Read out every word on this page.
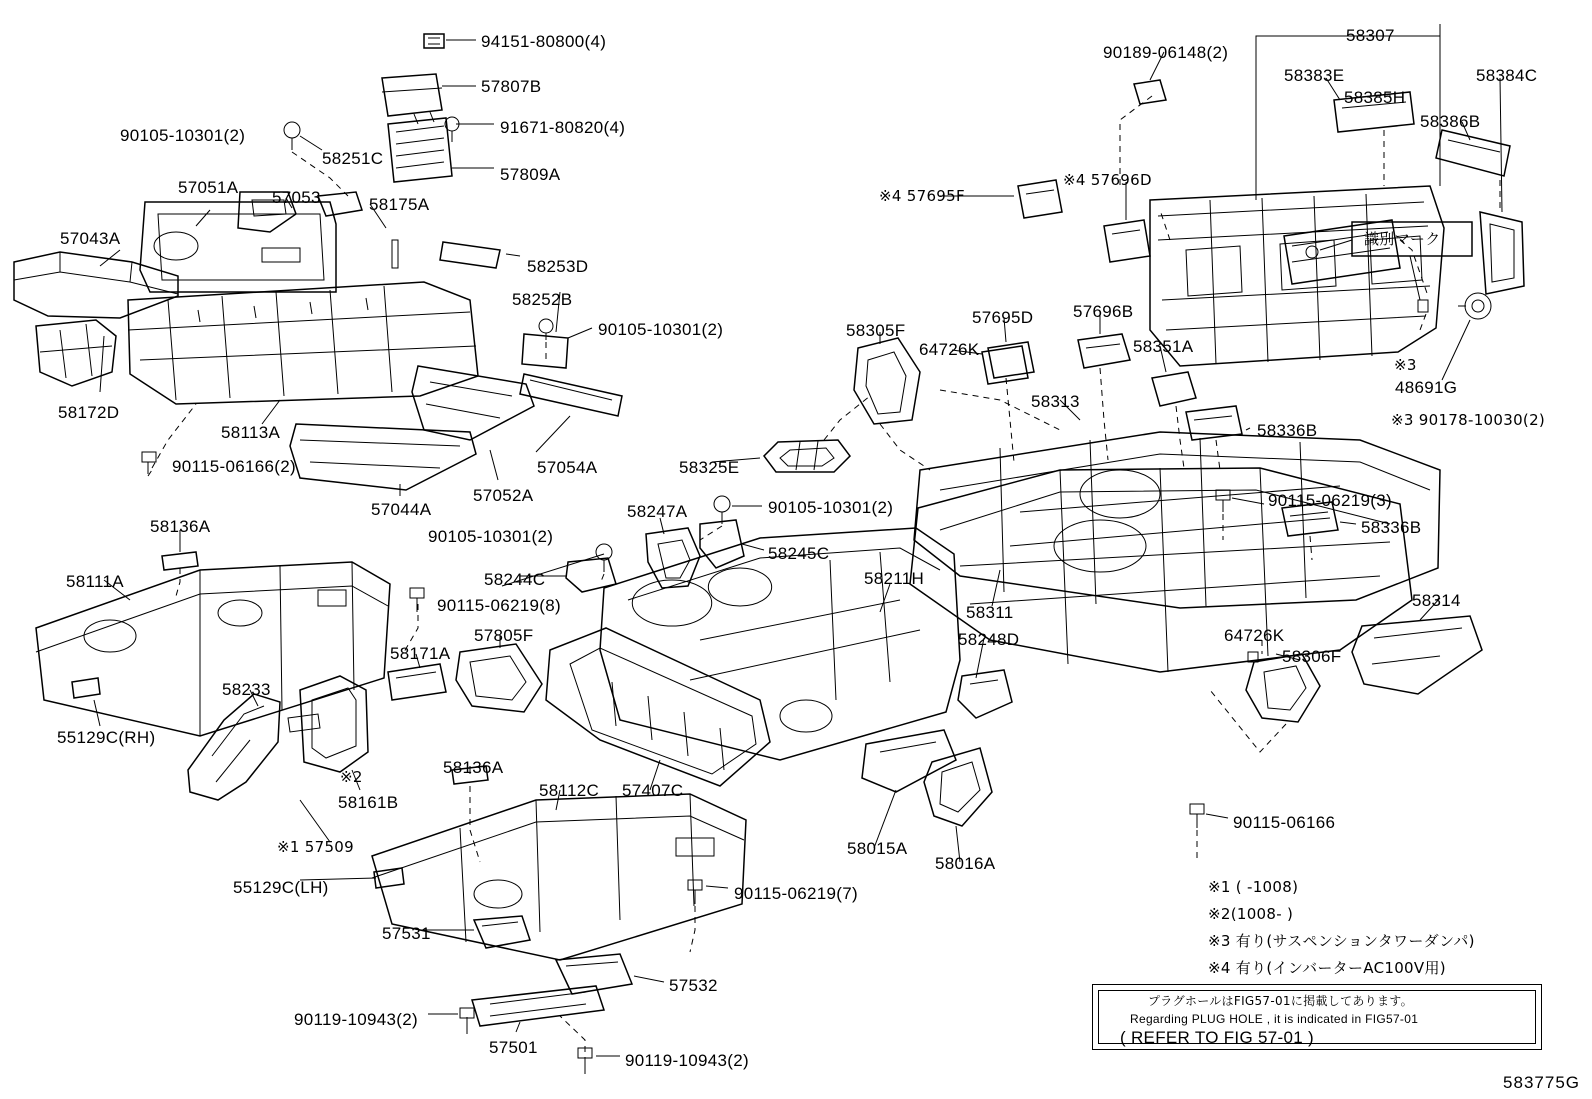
94151-80800(4)
57807B
90105-10301(2)	91671-80820(4)
58251C
57809A
57051A
57053	58175A
57043A
58253D
58252B
90105-10301(2)
58172D
58113A
90115-06166(2)	57054A
57044A
57052A
58136A
58111A
90105-10301(2)
58247A	90105-10301(2)
58245C
58244C
90115-06219(8)
58211H
58248D
58233
58171A
57805F
55129C(RH)
※2
58161B
58136A
58112C 57407C
※1 57509
55129C(LH)
58015A
58016A
90115-06219(7)
57531
57532
90119-10943(2)
57501
90119-10943(2)
58307
90189-06148(2)
58383E	58384C
58385H
58386B
※4 57695F
※4 57696D
57695D 57696B
58305F
64726K	58351A
58313
※3
48691G
58336B
※3 90178-10030(2)
58325E
90115-06219(3)
58336B
58311
58314
64726K
58306F
90115-06166
識別マーク
※1 ( -1008)
※2(1008- )
※3 有り(サスペンションタワーダンパ)
※4 有り(インバーターAC100V用)
プラグホールはFIG57-01に掲載してあります。
Regarding PLUG HOLE , it is indicated in FIG57-01
( REFER TO FIG 57-01 )
583775G
